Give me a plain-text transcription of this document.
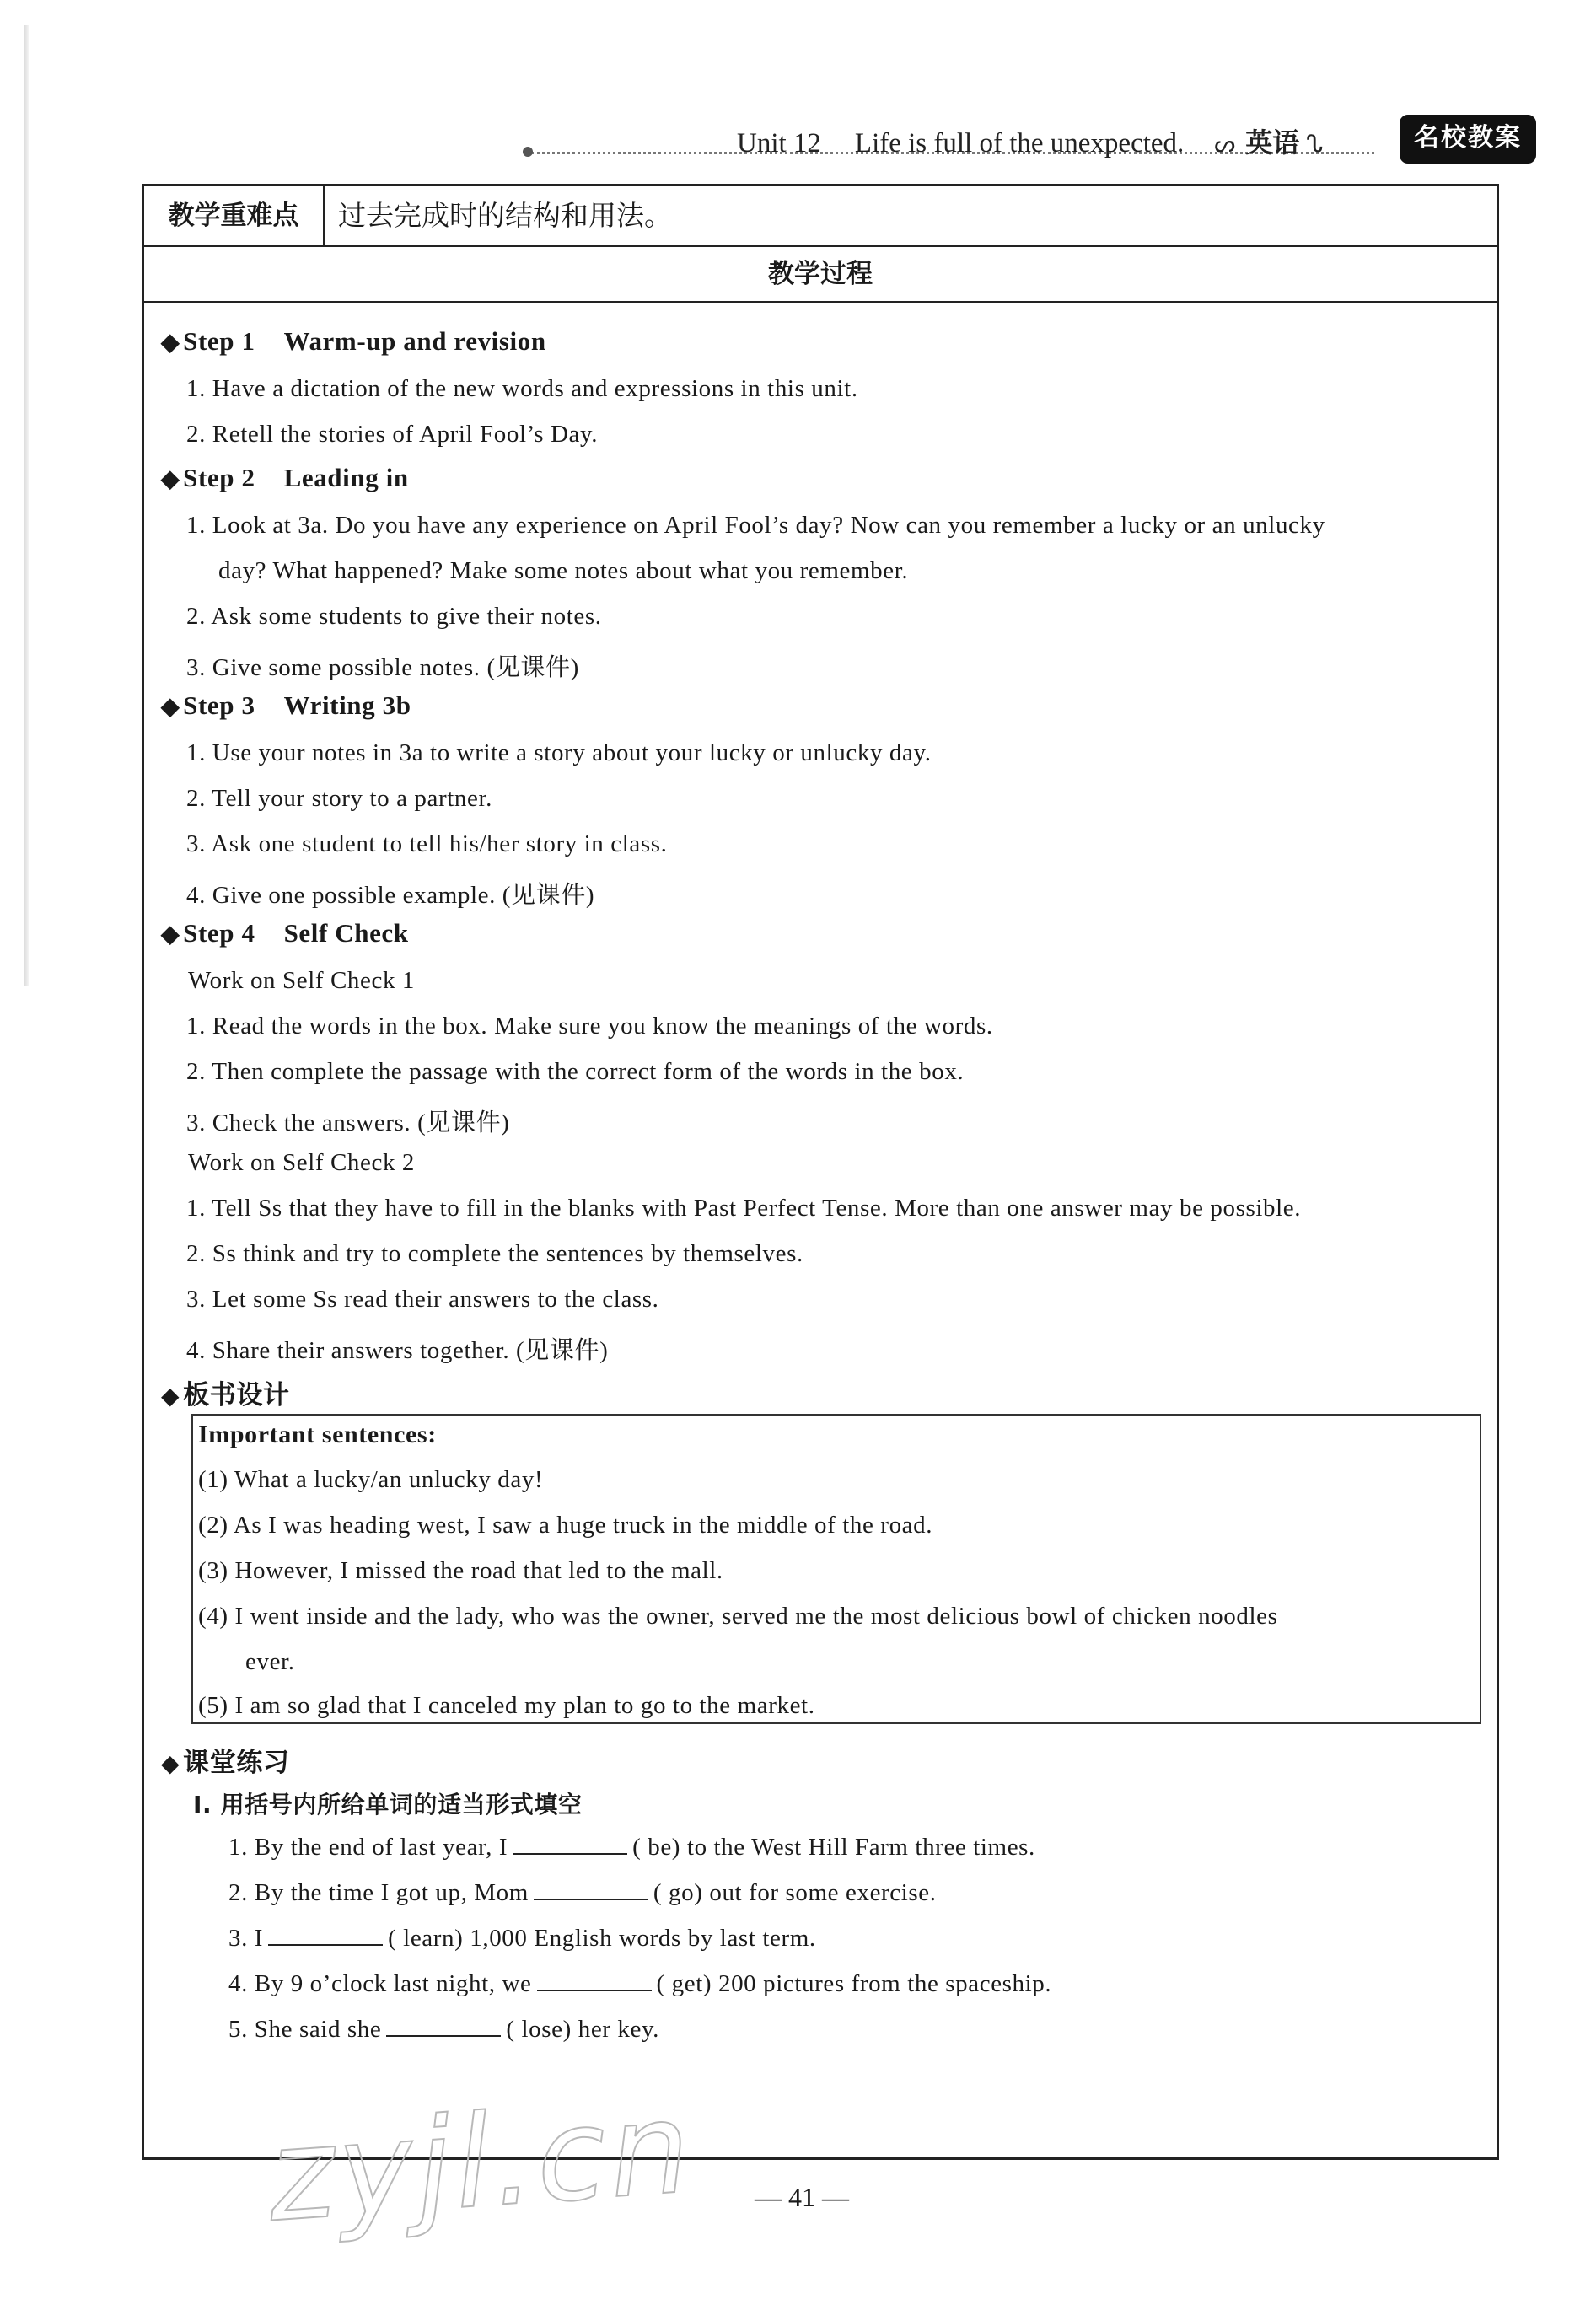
Unit 12 Life is full of the unexpected. ᔕ 英语 ᔐ	名校教案
教学重难点	过去完成时的结构和用法。
教学过程
◆ Step 1 Warm-up and revision
1. Have a dictation of the new words and expressions in this unit.
2. Retell the stories of April Fool’s Day.
◆ Step 2 Leading in
1. Look at 3a. Do you have any experience on April Fool’s day? Now can you remember a lucky or an unlucky
day? What happened? Make some notes about what you remember.
2. Ask some students to give their notes.
3. Give some possible notes. (见课件)
◆ Step 3 Writing 3b
1. Use your notes in 3a to write a story about your lucky or unlucky day.
2. Tell your story to a partner.
3. Ask one student to tell his/her story in class.
4. Give one possible example. (见课件)
◆ Step 4 Self Check
Work on Self Check 1
1. Read the words in the box. Make sure you know the meanings of the words.
2. Then complete the passage with the correct form of the words in the box.
3. Check the answers. (见课件)
Work on Self Check 2
1. Tell Ss that they have to fill in the blanks with Past Perfect Tense. More than one answer may be possible.
2. Ss think and try to complete the sentences by themselves.
3. Let some Ss read their answers to the class.
4. Share their answers together. (见课件)
◆ 板书设计
Important sentences:
(1) What a lucky/an unlucky day!
(2) As I was heading west, I saw a huge truck in the middle of the road.
(3) However, I missed the road that led to the mall.
(4) I went inside and the lady, who was the owner, served me the most delicious bowl of chicken noodles
ever.
(5) I am so glad that I canceled my plan to go to the market.
◆ 课堂练习
Ⅰ. 用括号内所给单词的适当形式填空
1. By the end of last year, I	( be) to the West Hill Farm three times.
2. By the time I got up, Mom	( go) out for some exercise.
3. I	( learn) 1,000 English words by last term.
4. By 9 o’clock last night, we	( get) 200 pictures from the spaceship.
5. She said she	( lose) her key.
zyjl.cn — 41 —
